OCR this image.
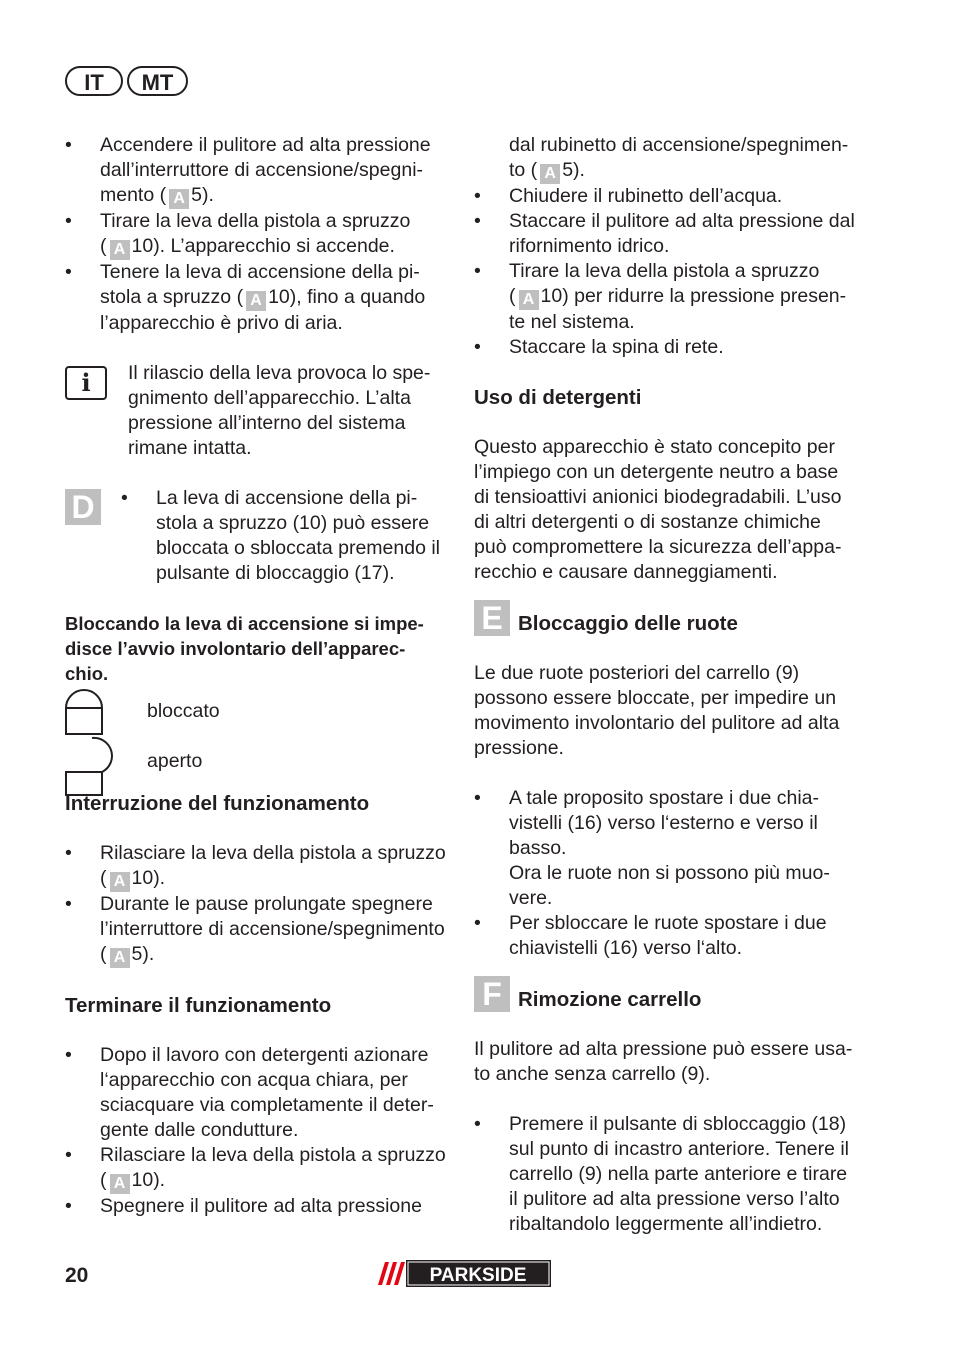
IT	MT
• Accendere il pulitore ad alta pressione
dall’interruttore di accensione/spegni-
mento ( A 5).
• Tirare la leva della pistola a spruzzo
( A 10). L’apparecchio si accende.
• Tenere la leva di accensione della pi-
stola a spruzzo ( A 10), fino a quando
l’apparecchio è privo di aria.
i	Il rilascio della leva provoca lo spe-
gnimento dell’apparecchio. L’alta
pressione all’interno del sistema
rimane intatta.
D
•	La leva di accensione della pi-
stola a spruzzo (10) può essere
bloccata o sbloccata premendo il
pulsante di bloccaggio (17).

Bloccando la leva di accensione si impe-
disce l’avvio involontario dell’apparec-
chio.

bloccato
aperto
Interruzione del funzionamento
• Rilasciare la leva della pistola a spruzzo
( A 10).
• Durante le pause prolungate spegnere
l’interruttore di accensione/spegnimento
( A 5).
Terminare il funzionamento
• Dopo il lavoro con detergenti azionare
l‘apparecchio con acqua chiara, per
sciacquare via completamente il deter-
gente dalle condutture.
• Rilasciare la leva della pistola a spruzzo
( A 10).
• Spegnere il pulitore ad alta pressione
dal rubinetto di accensione/spegnimen-
to ( A 5).
• Chiudere il rubinetto dell’acqua.
• Staccare il pulitore ad alta pressione dal
rifornimento idrico.
• Tirare la leva della pistola a spruzzo
( A 10) per ridurre la pressione presen-
te nel sistema.
• Staccare la spina di rete.
Uso di detergenti

Questo apparecchio è stato concepito per
l’impiego con un detergente neutro a base
di tensioattivi anionici biodegradabili. L’uso
di altri detergenti o di sostanze chimiche
può compromettere la sicurezza dell’appa-
recchio e causare danneggiamenti.

E Bloccaggio delle ruote

Le due ruote posteriori del carrello (9)
possono essere bloccate, per impedire un
movimento involontario del pulitore ad alta
pressione.

• A tale proposito spostare i due chia-
vistelli (16) verso l‘esterno e verso il
basso.
Ora le ruote non si possono più muo-
vere.
• Per sbloccare le ruote spostare i due
chiavistelli (16) verso l‘alto.
F Rimozione carrello

Il pulitore ad alta pressione può essere usa-
to anche senza carrello (9).

• Premere il pulsante di sbloccaggio (18)
sul punto di incastro anteriore. Tenere il
carrello (9) nella parte anteriore e tirare
il pulitore ad alta pressione verso l’alto
ribaltandolo leggermente all’indietro.
20	PARKSIDE
